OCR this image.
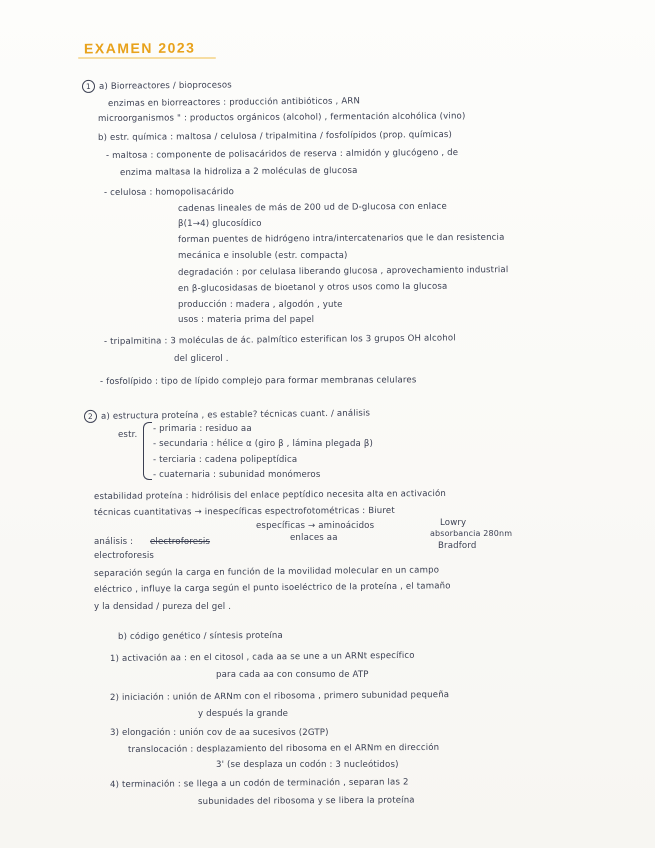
EXAMEN 2023
1 a) Biorreactores / bioprocesos
enzimas en biorreactores : producción antibióticos , ARN
microorganismos " : productos orgánicos (alcohol) , fermentación alcohólica (vino)
b) estr. química : maltosa / celulosa / tripalmitina / fosfolípidos (prop. químicas)
- maltosa : componente de polisacáridos de reserva : almidón y glucógeno , de
enzima maltasa la hidroliza a 2 moléculas de glucosa
- celulosa : homopolisacárido
cadenas lineales de más de 200 ud de D-glucosa con enlace
β(1→4) glucosídico
forman puentes de hidrógeno intra/intercatenarios que le dan resistencia
mecánica e insoluble (estr. compacta)
degradación : por celulasa liberando glucosa , aprovechamiento industrial
en β-glucosidasas de bioetanol y otros usos como la glucosa
producción : madera , algodón , yute
usos : materia prima del papel
- tripalmitina : 3 moléculas de ác. palmítico esterifican los 3 grupos OH alcohol
del glicerol .
- fosfolípido : tipo de lípido complejo para formar membranas celulares
2 a) estructura proteína , es estable? técnicas cuant. / análisis
estr.
- primaria : residuo aa
- secundaria : hélice α (giro β , lámina plegada β)
- terciaria : cadena polipeptídica
- cuaternaria : subunidad monómeros
estabilidad proteína : hidrólisis del enlace peptídico necesita alta en activación
técnicas cuantitativas → inespecíficas espectrofotométricas : Biuret
Lowry
específicas → aminoácidos
absorbancia 280nm
enlaces aa
Bradford
análisis : electroforesis
electroforesis
separación según la carga en función de la movilidad molecular en un campo
eléctrico , influye la carga según el punto isoeléctrico de la proteína , el tamaño
y la densidad / pureza del gel .
b) código genético / síntesis proteína
1) activación aa : en el citosol , cada aa se une a un ARNt específico
para cada aa con consumo de ATP
2) iniciación : unión de ARNm con el ribosoma , primero subunidad pequeña
y después la grande
3) elongación : unión cov de aa sucesivos (2GTP)
translocación : desplazamiento del ribosoma en el ARNm en dirección
3' (se desplaza un codón : 3 nucleótidos)
4) terminación : se llega a un codón de terminación , separan las 2
subunidades del ribosoma y se libera la proteína
